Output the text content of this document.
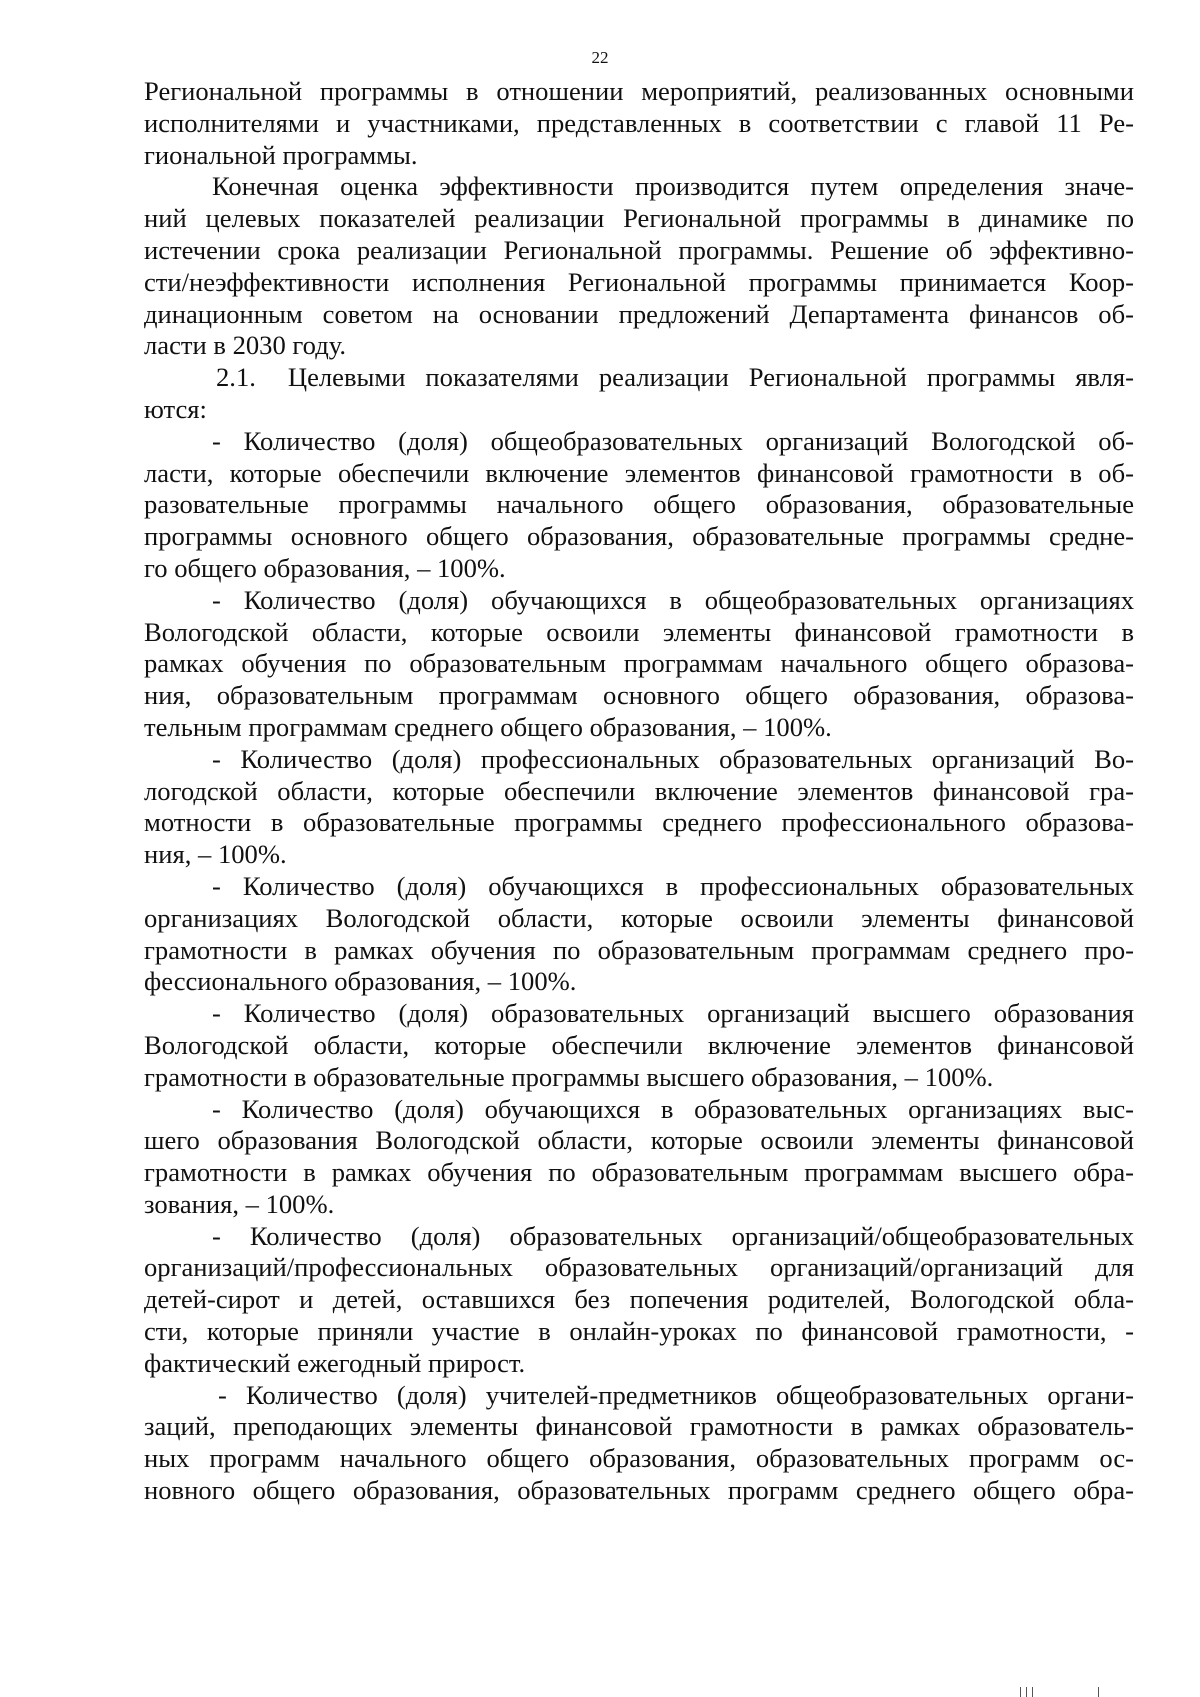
22
Региональной программы в отношении мероприятий, реализованных основными
исполнителями и участниками, представленных в соответствии с главой 11 Ре-
гиональной программы.
Конечная оценка эффективности производится путем определения значе-
ний целевых показателей реализации Региональной программы в динамике по
истечении срока реализации Региональной программы. Решение об эффективно-
сти/неэффективности исполнения Региональной программы принимается Коор-
динационным советом на основании предложений Департамента финансов об-
ласти в 2030 году.
2.1. Целевыми показателями реализации Региональной программы явля-
ются:
- Количество (доля) общеобразовательных организаций Вологодской об-
ласти, которые обеспечили включение элементов финансовой грамотности в об-
разовательные программы начального общего образования, образовательные
программы основного общего образования, образовательные программы средне-
го общего образования, – 100%.
- Количество (доля) обучающихся в общеобразовательных организациях
Вологодской области, которые освоили элементы финансовой грамотности в
рамках обучения по образовательным программам начального общего образова-
ния, образовательным программам основного общего образования, образова-
тельным программам среднего общего образования, – 100%.
- Количество (доля) профессиональных образовательных организаций Во-
логодской области, которые обеспечили включение элементов финансовой гра-
мотности в образовательные программы среднего профессионального образова-
ния, – 100%.
- Количество (доля) обучающихся в профессиональных образовательных
организациях Вологодской области, которые освоили элементы финансовой
грамотности в рамках обучения по образовательным программам среднего про-
фессионального образования, – 100%.
- Количество (доля) образовательных организаций высшего образования
Вологодской области, которые обеспечили включение элементов финансовой
грамотности в образовательные программы высшего образования, – 100%.
- Количество (доля) обучающихся в образовательных организациях выс-
шего образования Вологодской области, которые освоили элементы финансовой
грамотности в рамках обучения по образовательным программам высшего обра-
зования, – 100%.
- Количество (доля) образовательных организаций/общеобразовательных
организаций/профессиональных образовательных организаций/организаций для
детей-сирот и детей, оставшихся без попечения родителей, Вологодской обла-
сти, которые приняли участие в онлайн-уроках по финансовой грамотности, -
фактический ежегодный прирост.
- Количество (доля) учителей-предметников общеобразовательных органи-
заций, преподающих элементы финансовой грамотности в рамках образователь-
ных программ начального общего образования, образовательных программ ос-
новного общего образования, образовательных программ среднего общего обра-
